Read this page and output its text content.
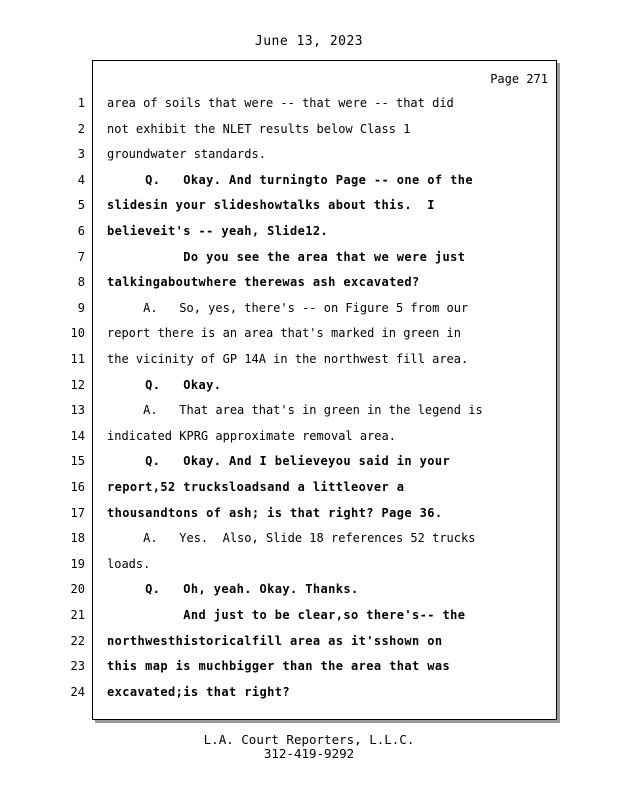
June 13, 2023
Page 271
1 area of soils that were -- that were -- that did
2 not exhibit the NLET results below Class 1
3 groundwater standards.
4 Q.   Okay. And turningto Page -- one of the
5 slidesin your slideshowtalks about this.  I
6 believeit's -- yeah, Slide12.
7 Do you see the area that we were just
8 talkingaboutwhere therewas ash excavated?
9 A.   So, yes, there's -- on Figure 5 from our
10 report there is an area that's marked in green in
11 the vicinity of GP 14A in the northwest fill area.
12 Q.   Okay.
13 A.   That area that's in green in the legend is
14 indicated KPRG approximate removal area.
15 Q.   Okay. And I believeyou said in your
16 report,52 trucksloadsand a littleover a
17 thousandtons of ash; is that right? Page 36.
18 A.   Yes.  Also, Slide 18 references 52 trucks
19 loads.
20 Q.   Oh, yeah. Okay. Thanks.
21 And just to be clear,so there's-- the
22 northwesthistoricalfill area as it'sshown on
23 this map is muchbigger than the area that was
24 excavated;is that right?
L.A. Court Reporters, L.L.C.
312-419-9292
